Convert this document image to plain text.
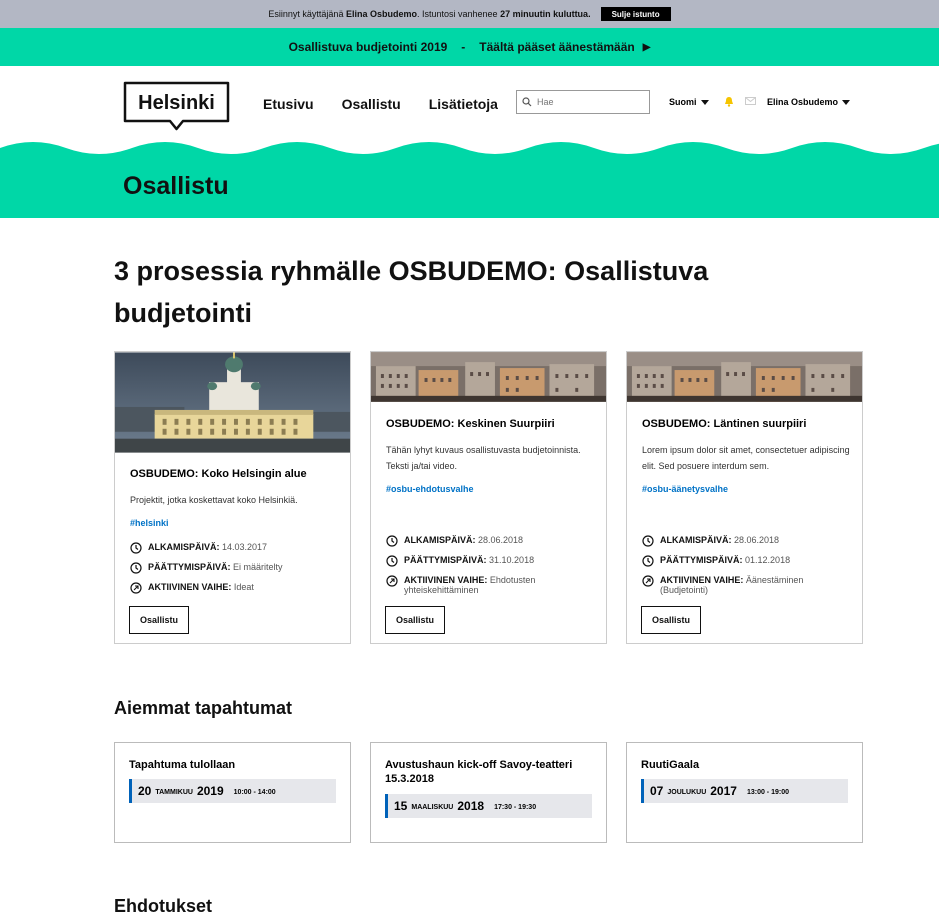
Esiinnyt käyttäjänä
Elina Osbudemo . Istuntosi vanhenee
27 minuutin kuluttua.	Sulje istunto
Osallistuva budjetointi 2019 - Täältä pääset äänestämään ▶
Helsinki	Etusivu Osallistu Lisätietoja
Hae	Suomi	Elina Osbudemo
Osallistu
3 prosessia ryhmälle OSBUDEMO: Osallistuva budjetointi
OSBUDEMO: Koko Helsingin alue
Projektit, jotka koskettavat koko Helsinkiä.
#helsinki
ALKAMISPÄIVÄ: 14.03.2017
PÄÄTTYMISPÄIVÄ: Ei määritelty
AKTIIVINEN VAIHE: Ideat
Osallistu
OSBUDEMO: Keskinen Suurpiiri
Tähän lyhyt kuvaus osallistuvasta budjetoinnista. Teksti ja/tai video.
#osbu-ehdotusvalhe
ALKAMISPÄIVÄ: 28.06.2018
PÄÄTTYMISPÄIVÄ: 31.10.2018
AKTIIVINEN VAIHE: Ehdotusten yhteiskehittäminen
Osallistu
OSBUDEMO: Läntinen suurpiiri
Lorem ipsum dolor sit amet, consectetuer adipiscing elit. Sed posuere interdum sem.
#osbu-äänetysvalhe
ALKAMISPÄIVÄ: 28.06.2018
PÄÄTTYMISPÄIVÄ: 01.12.2018
AKTIIVINEN VAIHE: Äänestäminen (Budjetointi)
Osallistu
Aiemmat tapahtumat
Tapahtuma tulollaan
20 TAMMIKUU 2019 10:00 - 14:00
Avustushaun kick-off Savoy-teatteri 15.3.2018
15 MAALISKUU 2018 17:30 - 19:30
RuutiGaala
07 JOULUKUU 2017 13:00 - 19:00
Ehdotukset
